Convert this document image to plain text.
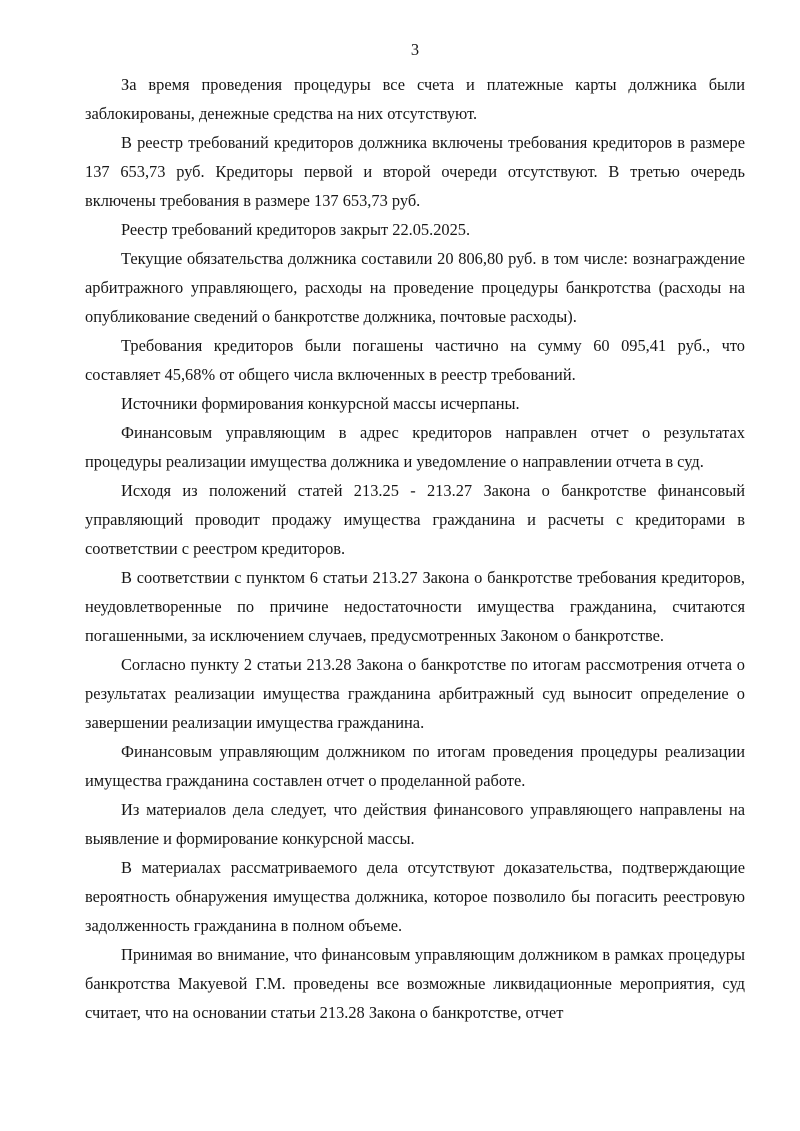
3

За время проведения процедуры все счета и платежные карты должника были заблокированы, денежные средства на них отсутствуют.

В реестр требований кредиторов должника включены требования кредиторов в размере 137 653,73 руб. Кредиторы первой и второй очереди отсутствуют. В третью очередь включены требования в размере 137 653,73 руб.

Реестр требований кредиторов закрыт 22.05.2025.

Текущие обязательства должника составили 20 806,80 руб. в том числе: вознаграждение арбитражного управляющего, расходы на проведение процедуры банкротства (расходы на опубликование сведений о банкротстве должника, почтовые расходы).

Требования кредиторов были погашены частично на сумму 60 095,41 руб., что составляет 45,68% от общего числа включенных в реестр требований.

Источники формирования конкурсной массы исчерпаны.

Финансовым управляющим в адрес кредиторов направлен отчет о результатах процедуры реализации имущества должника и уведомление о направлении отчета в суд.

Исходя из положений статей 213.25 - 213.27 Закона о банкротстве финансовый управляющий проводит продажу имущества гражданина и расчеты с кредиторами в соответствии с реестром кредиторов.

В соответствии с пунктом 6 статьи 213.27 Закона о банкротстве требования кредиторов, неудовлетворенные по причине недостаточности имущества гражданина, считаются погашенными, за исключением случаев, предусмотренных Законом о банкротстве.

Согласно пункту 2 статьи 213.28 Закона о банкротстве по итогам рассмотрения отчета о результатах реализации имущества гражданина арбитражный суд выносит определение о завершении реализации имущества гражданина.

Финансовым управляющим должником по итогам проведения процедуры реализации имущества гражданина составлен отчет о проделанной работе.

Из материалов дела следует, что действия финансового управляющего направлены на выявление и формирование конкурсной массы.

В материалах рассматриваемого дела отсутствуют доказательства, подтверждающие вероятность обнаружения имущества должника, которое позволило бы погасить реестровую задолженность гражданина в полном объеме.

Принимая во внимание, что финансовым управляющим должником в рамках процедуры банкротства Макуевой Г.М. проведены все возможные ликвидационные мероприятия, суд считает, что на основании статьи 213.28 Закона о банкротстве, отчет
